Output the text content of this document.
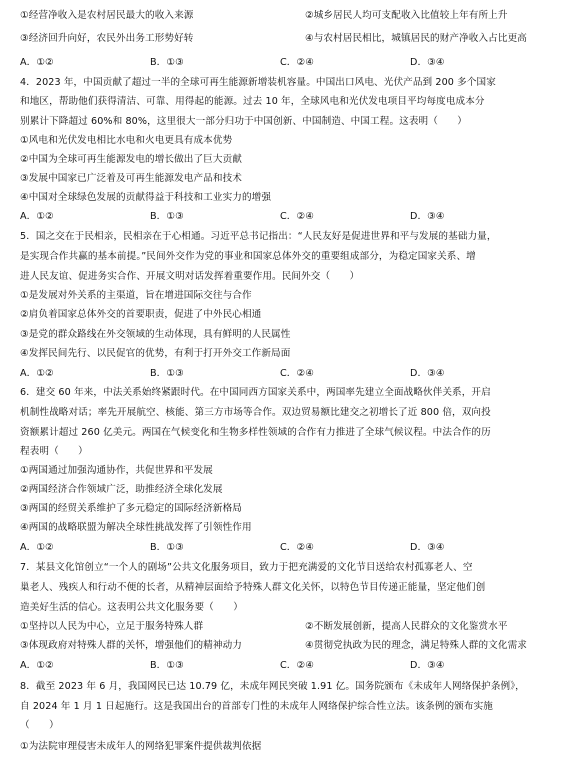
①经营净收入是农村居民最大的收入来源	②城乡居民人均可支配收入比值较上年有所上升
③经济回升向好，农民外出务工形势好转	④与农村居民相比，城镇居民的财产净收入占比更高
A．①②	B．①③	C．②④	D．③④
4．2023 年，中国贡献了超过一半的全球可再生能源新增装机容量。中国出口风电、光伏产品到 200 多个国家
和地区，帮助他们获得清洁、可靠、用得起的能源。过去 10 年，全球风电和光伏发电项目平均每度电成本分
别累计下降超过 60%和 80%，这里很大一部分归功于中国创新、中国制造、中国工程。这表明（　　）
①风电和光伏发电相比水电和火电更具有成本优势
②中国为全球可再生能源发电的增长做出了巨大贡献
③发展中国家已广泛着及可再生能源发电产品和技术
④中国对全球绿色发展的贡献得益于科技和工业实力的增强
A．①②	B．①③	C．②④	D．③④
5．国之交在于民相亲，民相亲在于心相通。习近平总书记指出：“人民友好是促进世界和平与发展的基础力量，
是实现合作共赢的基本前提。”民间外交作为党的事业和国家总体外交的重要组成部分，为稳定国家关系、增
进人民友谊、促进务实合作、开展文明对话发挥着重要作用。民间外交（　　）
①是发展对外关系的主渠道，旨在增进国际交往与合作
②肩负着国家总体外交的首要职责，促进了中外民心相通
③是党的群众路线在外交领域的生动体现，具有鲜明的人民属性
④发挥民间先行、以民促官的优势，有利于打开外交工作新局面
A．①②	B．①③	C．②④	D．③④
6．建交 60 年来，中法关系始终紧跟时代。在中国同西方国家关系中，两国率先建立全面战略伙伴关系，开启
机制性战略对话；率先开展航空、核能、第三方市场等合作。双边贸易额比建交之初增长了近 800 倍，双向投
资额累计超过 260 亿美元。两国在气候变化和生物多样性领域的合作有力推进了全球气候议程。中法合作的历
程表明（　　）
①两国通过加强沟通协作，共促世界和平发展
②两国经济合作领域广泛，助推经济全球化发展
③两国的经贸关系维护了多元稳定的国际经济新格局
④两国的战略联盟为解决全球性挑战发挥了引领性作用
A．①②	B．①③	C．②④	D．③④
7．某县文化馆创立“一个人的剧场”公共文化服务项目，致力于把充满爱的文化节目送给农村孤寡老人、空
巢老人、残疾人和行动不便的长者，从精神层面给予特殊人群文化关怀，以特色节目传递正能量，坚定他们创
造美好生活的信心。这表明公共文化服务要（　　）
①坚持以人民为中心，立足于服务特殊人群	②不断发展创新，提高人民群众的文化鉴赏水平
③体现政府对特殊人群的关怀，增强他们的精神动力	④贯彻党执政为民的理念，满足特殊人群的文化需求
A．①②	B．①③	C．②④	D．③④
8．截至 2023 年 6 月，我国网民已达 10.79 亿，未成年网民突破 1.91 亿。国务院颁布《未成年人网络保护条例》，
自 2024 年 1 月 1 日起施行。这是我国出台的首部专门性的未成年人网络保护综合性立法。该条例的颁布实施
（　　）
①为法院审理侵害未成年人的网络犯罪案件提供裁判依据
